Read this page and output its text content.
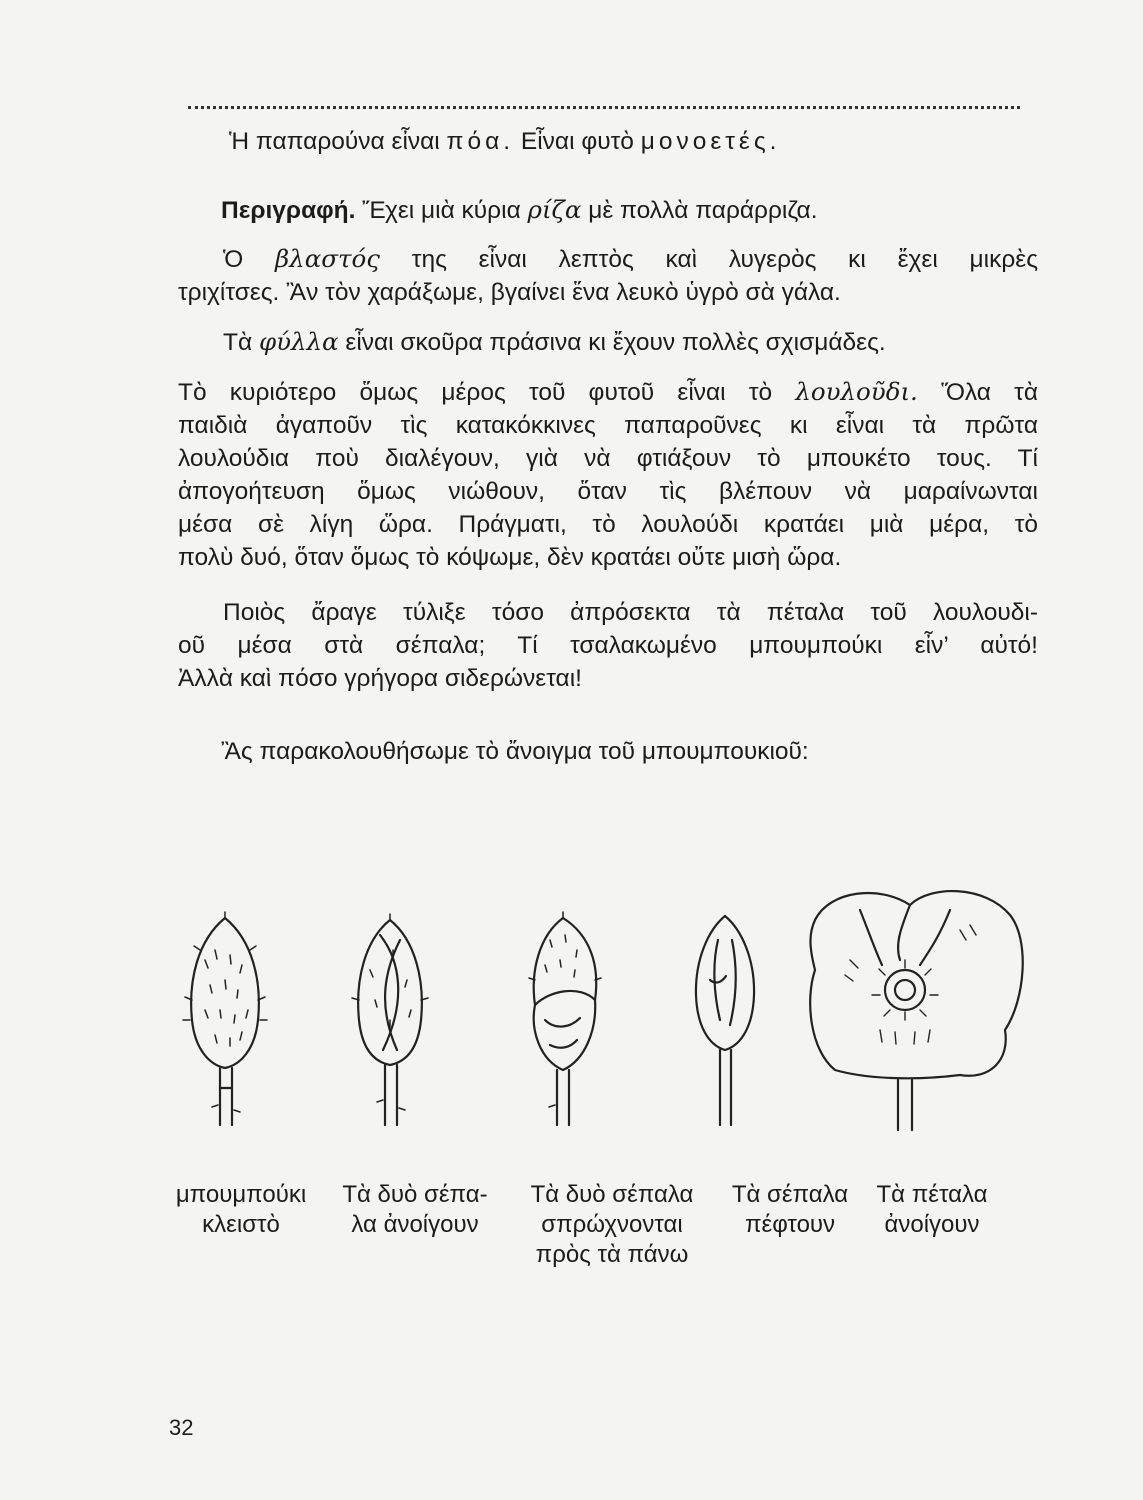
Ἡ παπαρούνα εἶναι πόα. Εἶναι φυτὸ μονοετές.
Περιγραφή. Ἔχει μιὰ κύρια ρίζα μὲ πολλὰ παράρριζα.
Ὁ βλαστός της εἶναι λεπτὸς καὶ λυγερὸς κι ἔχει μικρὲς
τριχίτσες. Ἂν τὸν χαράξωμε, βγαίνει ἕνα λευκὸ ὑγρὸ σὰ γάλα.
Τὰ φύλλα εἶναι σκοῦρα πράσινα κι ἔχουν πολλὲς σχισμάδες.
Τὸ κυριότερο ὅμως μέρος τοῦ φυτοῦ εἶναι τὸ λουλοῦδι. Ὅλα τὰ
παιδιὰ ἀγαποῦν τὶς κατακόκκινες παπαροῦνες κι εἶναι τὰ πρῶτα
λουλούδια ποὺ διαλέγουν, γιὰ νὰ φτιάξουν τὸ μπουκέτο τους. Τί
ἀπογοήτευση ὅμως νιώθουν, ὅταν τὶς βλέπουν νὰ μαραίνωνται
μέσα σὲ λίγη ὥρα. Πράγματι, τὸ λουλούδι κρατάει μιὰ μέρα, τὸ
πολὺ δυό, ὅταν ὅμως τὸ κόψωμε, δὲν κρατάει οὔτε μισὴ ὥρα.
Ποιὸς ἄραγε τύλιξε τόσο ἀπρόσεκτα τὰ πέταλα τοῦ λουλουδι-
οῦ μέσα στὰ σέπαλα; Τί τσαλακωμένο μπουμπούκι εἶν’ αὐτό!
Ἀλλὰ καὶ πόσο γρήγορα σιδερώνεται!
Ἂς παρακολουθήσωμε τὸ ἄνοιγμα τοῦ μπουμπουκιοῦ:
μπουμπούκι
κλειστὸ
Τὰ δυὸ σέπα-
λα ἀνοίγουν
Τὰ δυὸ σέπαλα
σπρώχνονται
πρὸς τὰ πάνω
Τὰ σέπαλα
πέφτουν
Τὰ πέταλα
ἀνοίγουν
32
